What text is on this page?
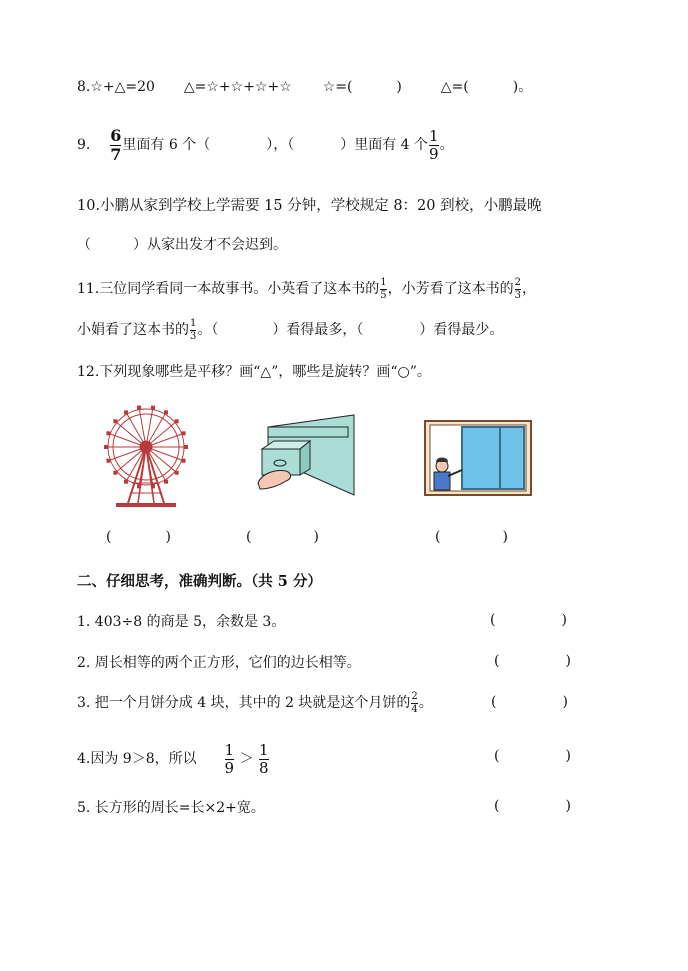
8.☆+△=20 △=☆+☆+☆+☆ ☆=(	)	△=(	)。
9. $\frac{6}{7}$ 里面有 6 个（	），（	）里面有 4 个 $\frac{1}{9}$ 。
10.小鹏从家到学校上学需要 15 分钟，学校规定 8：20 到校，小鹏最晚
（	）从家出发才不会迟到。
11.三位同学看同一本故事书。小英看了这本书的 $\frac{1}{5}$ ，小芳看了这本书的 $\frac{2}{3}$ ，
小娟看了这本书的 $\frac{1}{3}$ 。（	）看得最多，（	）看得最少。
12.下列现象哪些是平移？画“△”，哪些是旋转？画“○”。
(	)	(	)	(	)
二、仔细思考，准确判断。（共 5 分）
1. 403÷8 的商是 5，余数是 3。	(	)
2. 周长相等的两个正方形，它们的边长相等。	(	)
3. 把一个月饼分成 4 块，其中的 2 块就是这个月饼的 $\frac{2}{4}$ 。	(	)
4.因为 9＞8，所以 $\frac{1}{9} > \frac{1}{8}$	(	)
5. 长方形的周长=长×2+宽。	(	)
